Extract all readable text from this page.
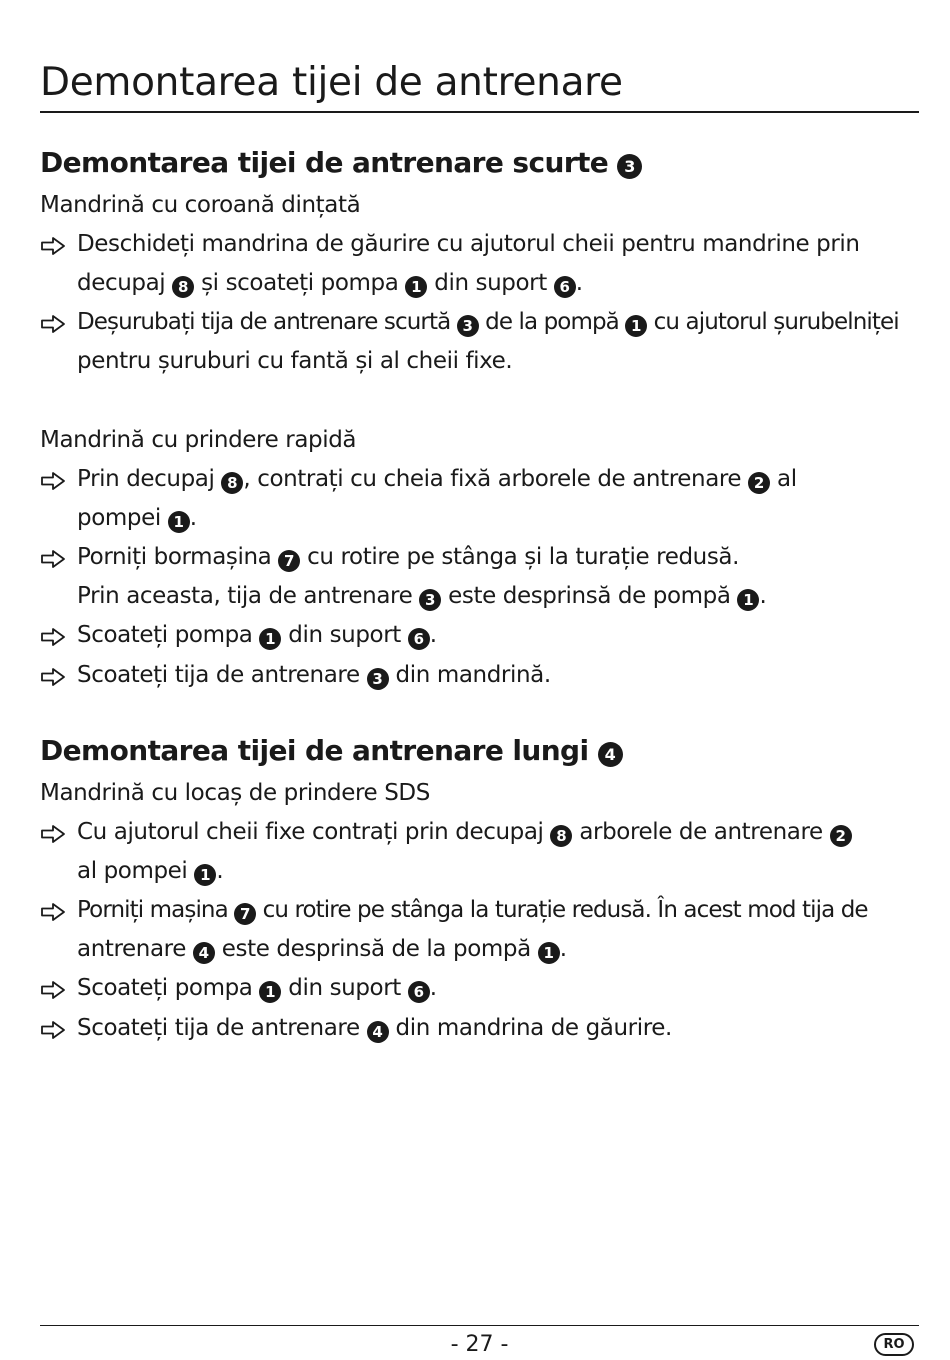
Demontarea tijei de antrenare
Demontarea tijei de antrenare scurte 3
Mandrină cu coroană dințată
Deschideți mandrina de găurire cu ajutorul cheii pentru mandrine prin
decupaj 8 și scoateți pompa 1 din suport 6 .
Deșurubați tija de antrenare scurtă 3 de la pompă 1 cu ajutorul șurubelniței
pentru șuruburi cu fantă și al cheii fixe.
Mandrină cu prindere rapidă
Prin decupaj 8 , contrați cu cheia fixă arborele de antrenare 2 al
pompei 1 .
Porniți bormașina 7 cu rotire pe stânga și la turație redusă.
Prin aceasta, tija de antrenare 3 este desprinsă de pompă 1 .
Scoateți pompa 1 din suport 6 .
Scoateți tija de antrenare 3 din mandrină.
Demontarea tijei de antrenare lungi 4
Mandrină cu locaș de prindere SDS
Cu ajutorul cheii fixe contrați prin decupaj 8 arborele de antrenare 2
al pompei 1 .
Porniți mașina 7 cu rotire pe stânga la turație redusă. În acest mod tija de
antrenare 4 este desprinsă de la pompă 1 .
Scoateți pompa 1 din suport 6 .
Scoateți tija de antrenare 4 din mandrina de găurire.
- 27 -	RO
